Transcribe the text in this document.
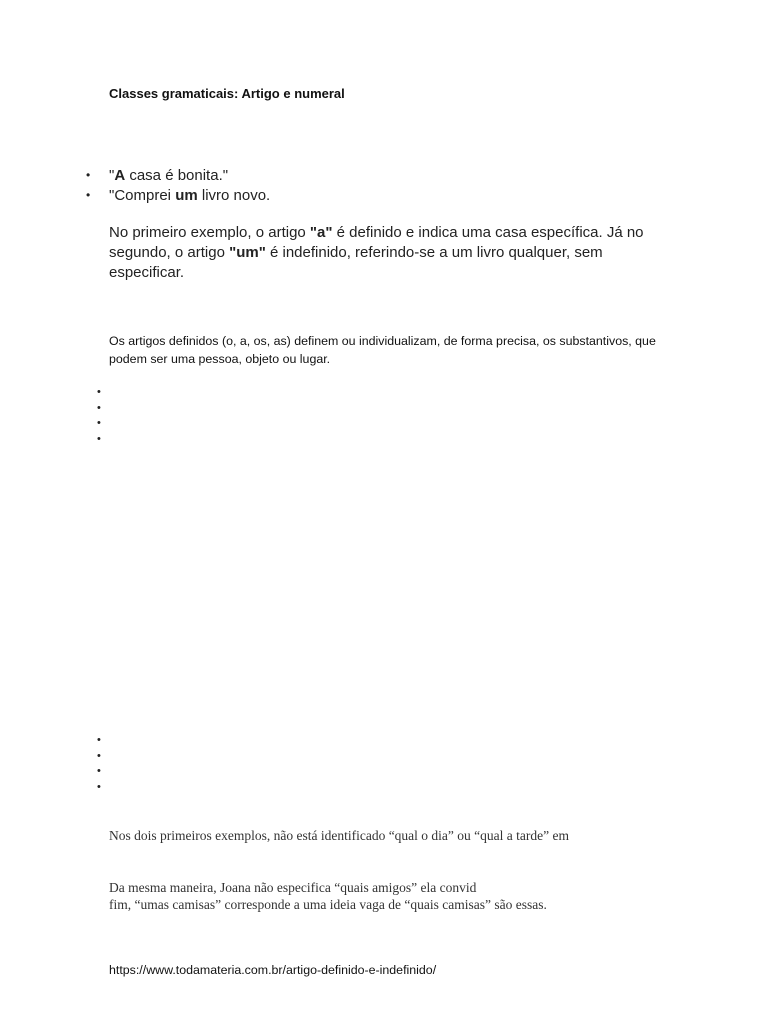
Classes gramaticais: Artigo e numeral
• "A casa é bonita."
• "Comprei um livro novo.

No primeiro exemplo, o artigo "a" é definido e indica uma casa específica. Já no segundo, o artigo "um" é indefinido, referindo-se a um livro qualquer, sem especificar.

Os artigos definidos (o, a, os, as) definem ou individualizam, de forma precisa, os substantivos, que podem ser uma pessoa, objeto ou lugar.

Nos dois primeiros exemplos, não está identificado “qual o dia” ou “qual a tarde” em

Da mesma maneira, Joana não especifica “quais amigos” ela convid
fim, “umas camisas” corresponde a uma ideia vaga de “quais camisas” são essas.

https://www.todamateria.com.br/artigo-definido-e-indefinido/
